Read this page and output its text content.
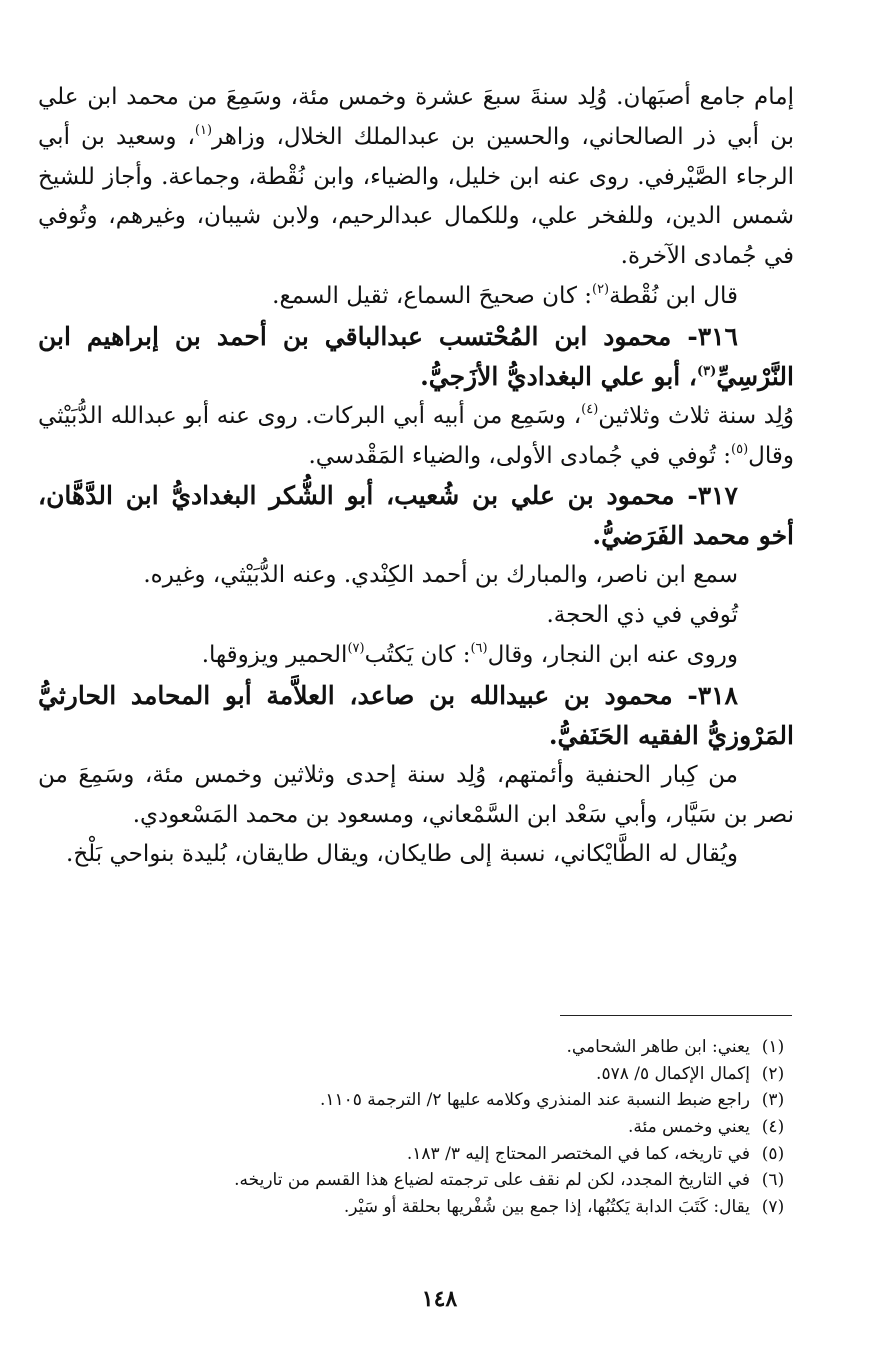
إمام جامع أصبَهان. وُلِد سنةَ سبعَ عشرة وخمس مئة، وسَمِعَ من محمد ابن علي بن أبي ذر الصالحاني، والحسين بن عبدالملك الخلال، وزاهر$^{(١)}$، وسعيد بن أبي الرجاء الصَّيْرفي. روى عنه ابن خليل، والضياء، وابن نُقْطة، وجماعة. وأجاز للشيخ شمس الدين، وللفخر علي، وللكمال عبدالرحيم، ولابن شيبان، وغيرهم، وتُوفي في جُمادى الآخرة.

قال ابن نُقْطة$^{(٢)}$: كان صحيحَ السماع، ثقيل السمع.

٣١٦- محمود ابن المُحْتسب عبدالباقي بن أحمد بن إبراهيم ابن النَّرْسِيِّ$^{(٣)}$، أبو علي البغداديُّ الأزَجيُّ.

وُلِد سنة ثلاث وثلاثين$^{(٤)}$، وسَمِع من أبيه أبي البركات. روى عنه أبو عبدالله الدُّبَيْثي وقال$^{(٥)}$: تُوفي في جُمادى الأولى، والضياء المَقْدسي.

٣١٧- محمود بن علي بن شُعيب، أبو الشُّكر البغداديُّ ابن الدَّهَّان، أخو محمد الفَرَضيُّ.

سمع ابن ناصر، والمبارك بن أحمد الكِنْدي. وعنه الدُّبَيْثي، وغيره.

تُوفي في ذي الحجة.

وروى عنه ابن النجار، وقال$^{(٦)}$: كان يَكتُب$^{(٧)}$الحمير ويزوقها.

٣١٨- محمود بن عبيدالله بن صاعد، العلاَّمة أبو المحامد الحارثيُّ المَرْوزيُّ الفقيه الحَنَفيُّ.

من كِبار الحنفية وأئمتهم، وُلِد سنة إحدى وثلاثين وخمس مئة، وسَمِعَ من نصر بن سَيَّار، وأبي سَعْد ابن السَّمْعاني، ومسعود بن محمد المَسْعودي.

ويُقال له الطَّايْكاني، نسبة إلى طايكان، ويقال طايقان، بُليدة بنواحي بَلْخ.

(١)
يعني: ابن طاهر الشحامي.
(٢)
إكمال الإكمال ٥/ ٥٧٨.
(٣)
راجع ضبط النسبة عند المنذري وكلامه عليها ٢/ الترجمة ١١٠٥.
(٤)
يعني وخمس مئة.
(٥)
في تاريخه، كما في المختصر المحتاج إليه ٣/ ١٨٣.
(٦)
في التاريخ المجدد، لكن لم نقف على ترجمته لضياع هذا القسم من تاريخه.
(٧)
يقال: كَتَبَ الدابة يَكتُبُها، إذا جمع بين شُفْريها بحلقة أو سَيْر.
١٤٨
